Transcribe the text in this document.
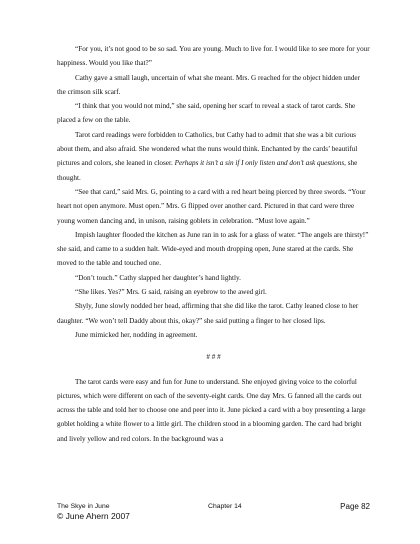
“For you, it’s not good to be so sad. You are young. Much to live for. I would like to see more for your happiness. Would you like that?”

Cathy gave a small laugh, uncertain of what she meant. Mrs. G reached for the object hidden under the crimson silk scarf.

“I think that you would not mind,” she said, opening her scarf to reveal a stack of tarot cards. She placed a few on the table.

Tarot card readings were forbidden to Catholics, but Cathy had to admit that she was a bit curious about them, and also afraid. She wondered what the nuns would think. Enchanted by the cards’ beautiful pictures and colors, she leaned in closer. Perhaps it isn’t a sin if I only listen and don’t ask questions, she thought.

“See that card,” said Mrs. G, pointing to a card with a red heart being pierced by three swords. “Your heart not open anymore. Must open.” Mrs. G flipped over another card. Pictured in that card were three young women dancing and, in unison, raising goblets in celebration. “Must love again.”

Impish laughter flooded the kitchen as June ran in to ask for a glass of water. “The angels are thirsty!” she said, and came to a sudden halt. Wide-eyed and mouth dropping open, June stared at the cards. She moved to the table and touched one.

“Don’t touch.” Cathy slapped her daughter’s hand lightly.

“She likes. Yes?” Mrs. G said, raising an eyebrow to the awed girl.

Shyly, June slowly nodded her head, affirming that she did like the tarot. Cathy leaned close to her daughter. “We won’t tell Daddy about this, okay?” she said putting a finger to her closed lips.

June mimicked her, nodding in agreement.

# # #

The tarot cards were easy and fun for June to understand. She enjoyed giving voice to the colorful pictures, which were different on each of the seventy-eight cards. One day Mrs. G fanned all the cards out across the table and told her to choose one and peer into it. June picked a card with a boy presenting a large goblet holding a white flower to a little girl. The children stood in a blooming garden. The card had bright and lively yellow and red colors. In the background was a

The Skye in June	Chapter 14	Page 82
© June Ahern 2007
